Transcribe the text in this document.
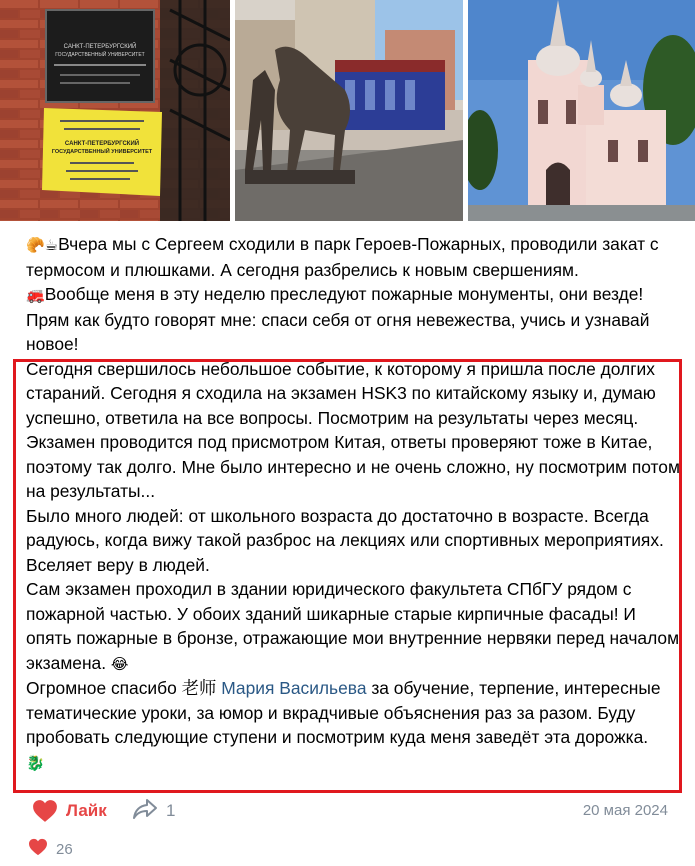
САНКТ-ПЕТЕРБУРГСКИЙ
ГОСУДАРСТВЕННЫЙ УНИВЕРСИТЕТ
САНКТ-ПЕТЕРБУРГСКИЙ
ГОСУДАРСТВЕННЫЙ УНИВЕРСИТЕТ
🥐☕Вчера мы с Сергеем сходили в парк Героев-Пожарных, проводили закат с термосом и плюшками. А сегодня разбрелись к новым свершениям.
🚒Вообще меня в эту неделю преследуют пожарные монументы, они везде! Прям как будто говорят мне: спаси себя от огня невежества, учись и узнавай новое!
Сегодня свершилось небольшое событие, к которому я пришла после долгих стараний. Сегодня я сходила на экзамен HSK3 по китайскому языку и, думаю успешно, ответила на все вопросы. Посмотрим на результаты через месяц. Экзамен проводится под присмотром Китая, ответы проверяют тоже в Китае, поэтому так долго. Мне было интересно и не очень сложно, ну посмотрим потом на результаты...
Было много людей: от школьного возраста до достаточно в возрасте. Всегда радуюсь, когда вижу такой разброс на лекциях или спортивных мероприятиях. Вселяет веру в людей.
Сам экзамен проходил в здании юридического факультета СПбГУ рядом с пожарной частью. У обоих зданий шикарные старые кирпичные фасады! И опять пожарные в бронзе, отражающие мои внутренние нервяки перед началом экзамена. 😂
Огромное спасибо 老师 Мария Васильева за обучение, терпение, интересные тематические уроки, за юмор и вкрадчивые объяснения раз за разом. Буду пробовать следующие ступени и посмотрим куда меня заведёт эта дорожка.
🐉
Лайк	1	20 мая 2024
26
